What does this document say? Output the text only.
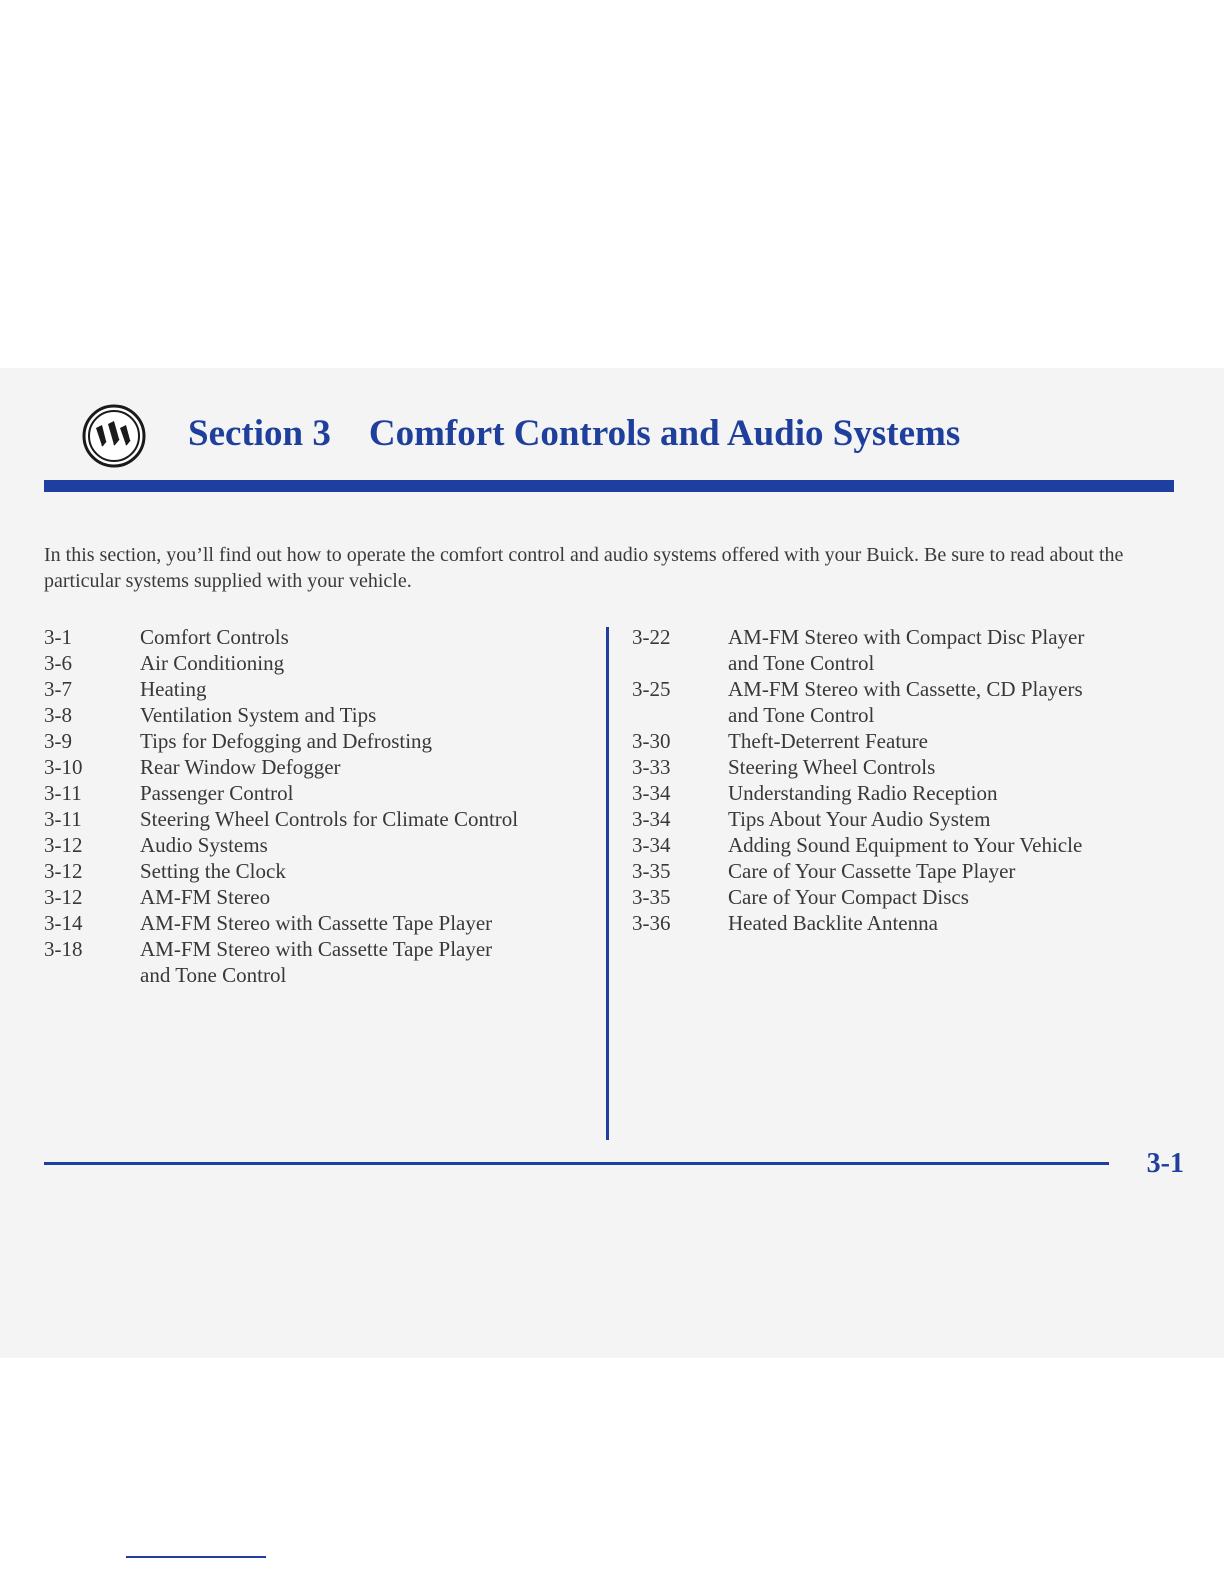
Section 3 Comfort Controls and Audio Systems

In this section, you’ll find out how to operate the comfort control and audio systems offered with your Buick. Be sure to read about the particular systems supplied with your vehicle.

3-1	Comfort Controls
3-6	Air Conditioning
3-7	Heating
3-8	Ventilation System and Tips
3-9	Tips for Defogging and Defrosting
3-10	Rear Window Defogger
3-11	Passenger Control
3-11	Steering Wheel Controls for Climate Control
3-12	Audio Systems
3-12	Setting the Clock
3-12	AM-FM Stereo
3-14	AM-FM Stereo with Cassette Tape Player
3-18	AM-FM Stereo with Cassette Tape Player
and Tone Control
3-22	AM-FM Stereo with Compact Disc Player
and Tone Control
3-25	AM-FM Stereo with Cassette, CD Players
and Tone Control
3-30	Theft-Deterrent Feature
3-33	Steering Wheel Controls
3-34	Understanding Radio Reception
3-34	Tips About Your Audio System
3-34	Adding Sound Equipment to Your Vehicle
3-35	Care of Your Cassette Tape Player
3-35	Care of Your Compact Discs
3-36	Heated Backlite Antenna
3-1
